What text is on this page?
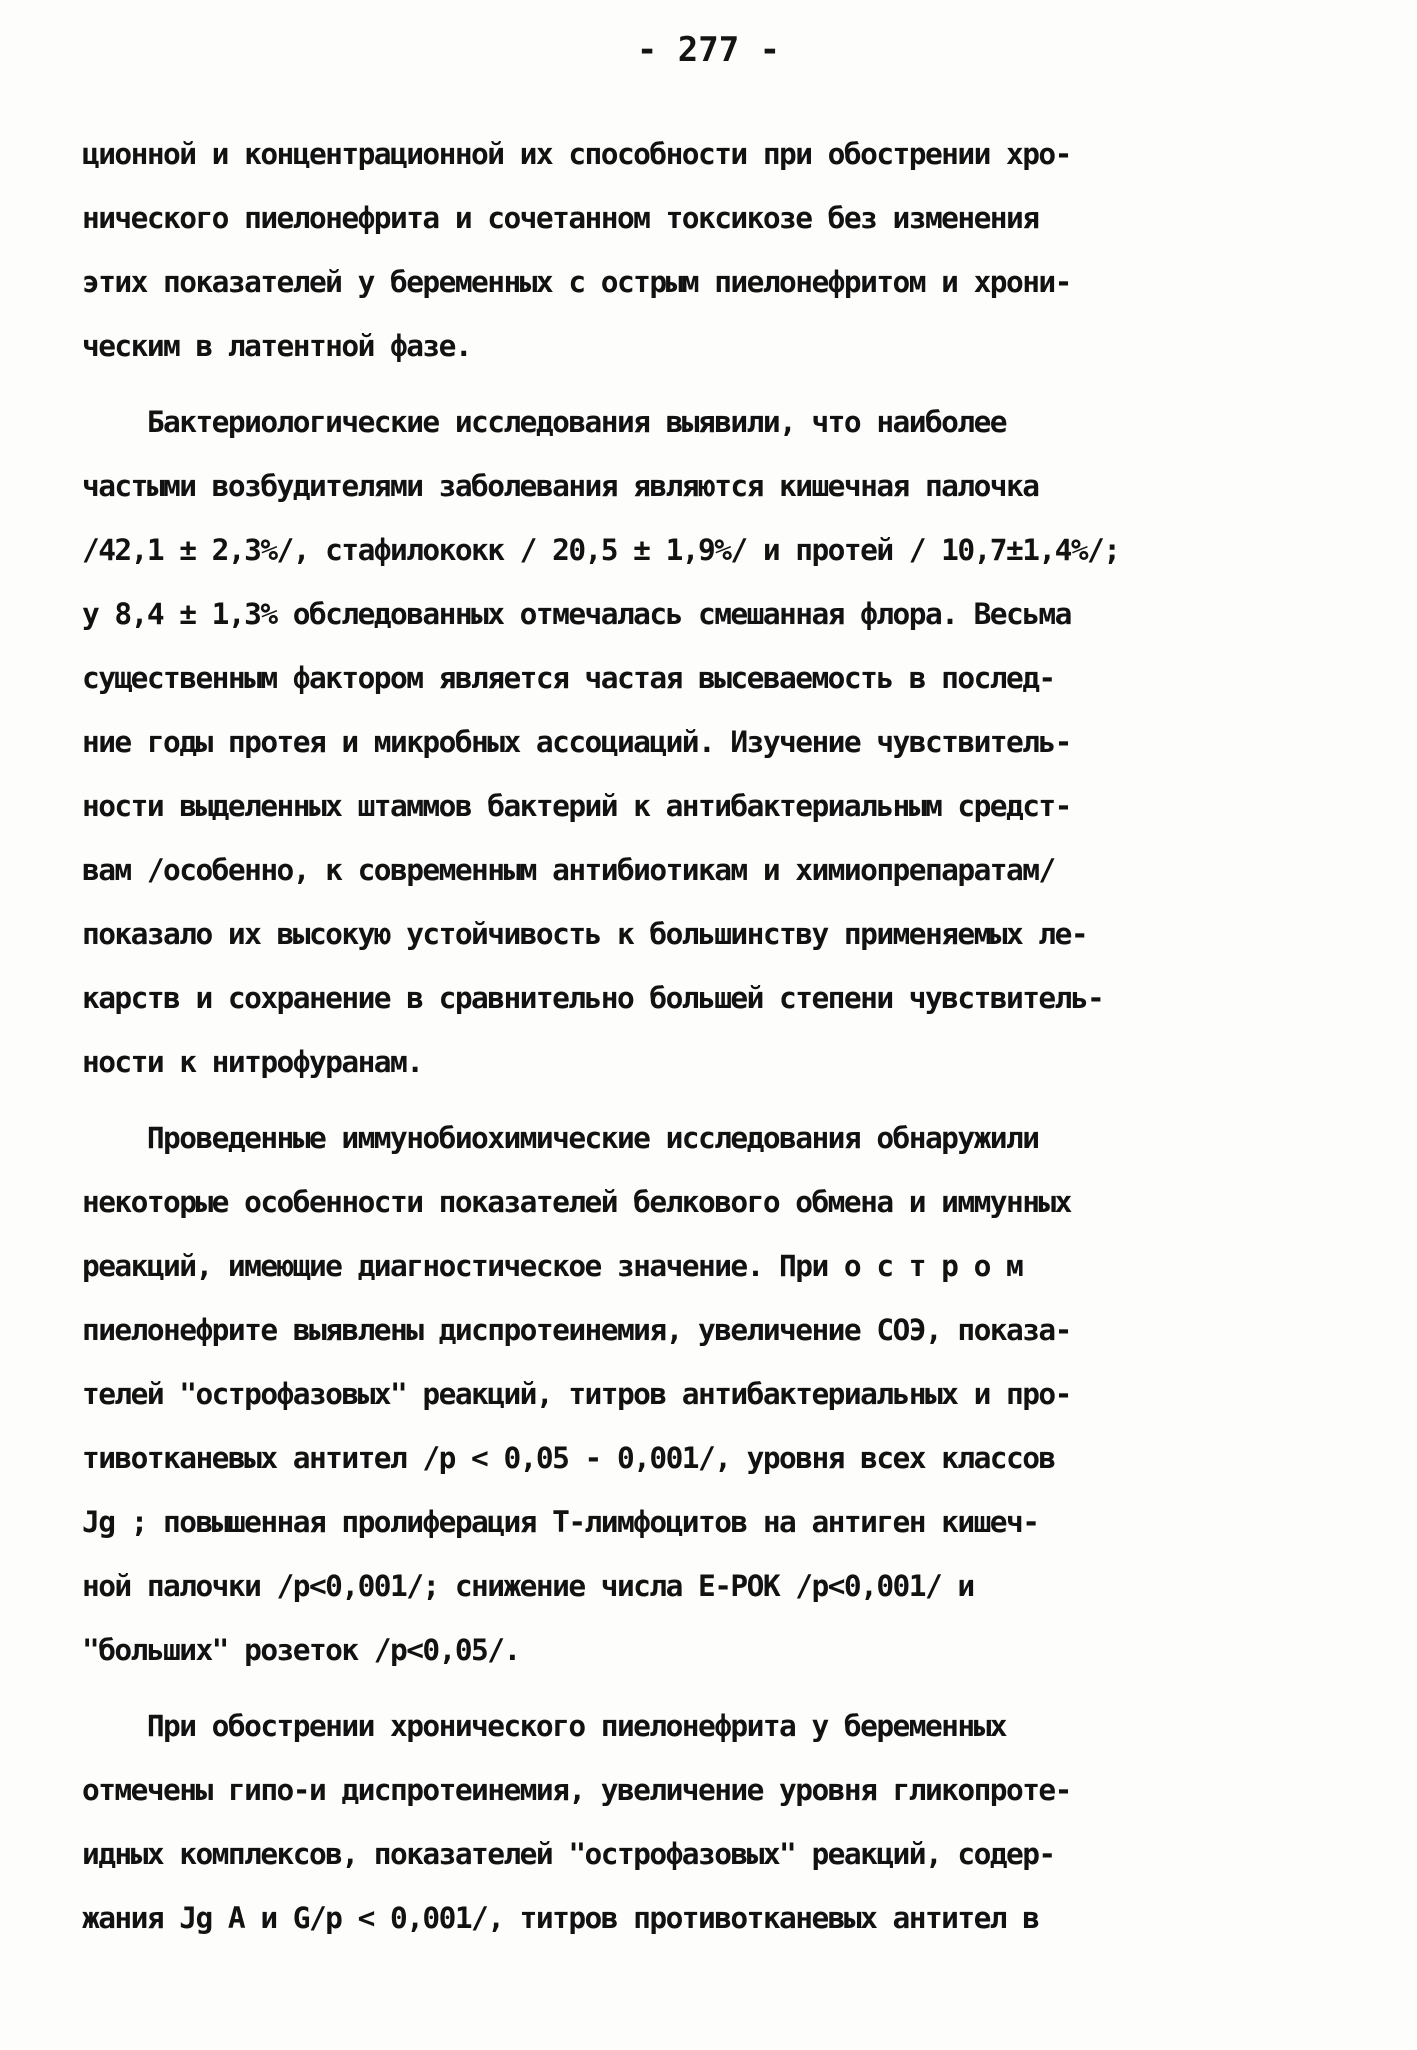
- 277 -
ционной и концентрационной их способности при обострении хро-
нического пиелонефрита и сочетанном токсикозе без изменения
этих показателей у беременных с острым пиелонефритом и хрони-
ческим в латентной фазе.
Бактериологические исследования выявили, что наиболее
частыми возбудителями заболевания являются кишечная палочка
/42,1 ± 2,3%/, стафилококк / 20,5 ± 1,9%/ и протей / 10,7±1,4%/;
у 8,4 ± 1,3% обследованных отмечалась смешанная флора. Весьма
существенным фактором является частая высеваемость в послед-
ние годы протея и микробных ассоциаций. Изучение чувствитель-
ности выделенных штаммов бактерий к антибактериальным средст-
вам /особенно, к современным антибиотикам и химиопрепаратам/
показало их высокую устойчивость к большинству применяемых ле-
карств и сохранение в сравнительно большей степени чувствитель-
ности к нитрофуранам.
Проведенные иммунобиохимические исследования обнаружили
некоторые особенности показателей белкового обмена и иммунных
реакций, имеющие диагностическое значение. При о с т р о м
пиелонефрите выявлены диспротеинемия, увеличение СОЭ, показа-
телей "острофазовых" реакций, титров антибактериальных и про-
тивотканевых антител /р < 0,05 - 0,001/, уровня всех классов
Jg ; повышенная пролиферация Т-лимфоцитов на антиген кишеч-
ной палочки /р<0,001/; снижение числа Е-РОК /р<0,001/ и
"больших" розеток /р<0,05/.
При обострении хронического пиелонефрита у беременных
отмечены гипо-и диспротеинемия, увеличение уровня гликопроте-
идных комплексов, показателей "острофазовых" реакций, содер-
жания Jg A и G/р < 0,001/, титров противотканевых антител в
